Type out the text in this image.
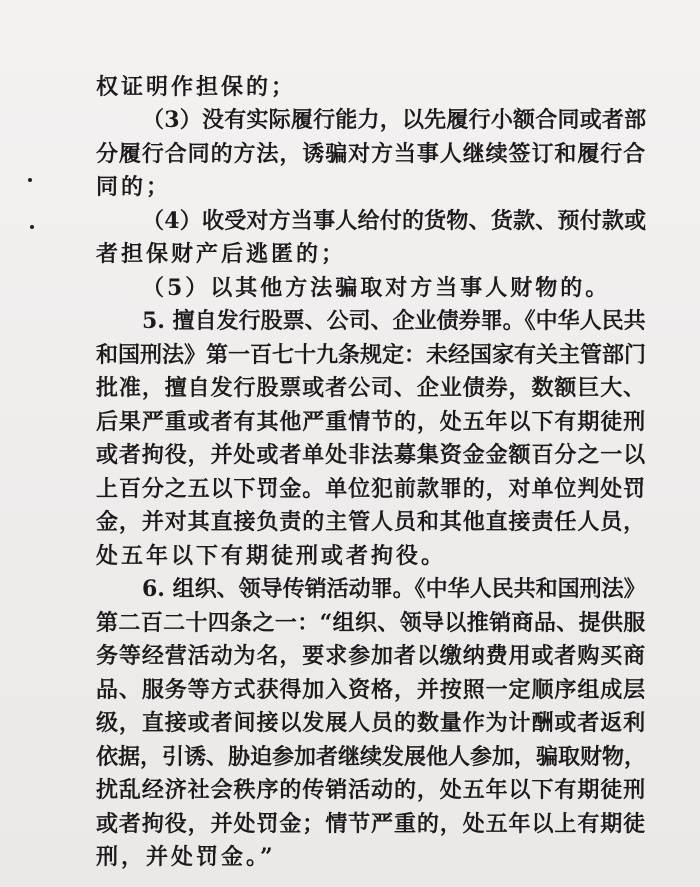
权证明作担保的；
（3）没有实际履行能力，以先履行小额合同或者部
分履行合同的方法，诱骗对方当事人继续签订和履行合
同的；
（4）收受对方当事人给付的货物、货款、预付款或
者担保财产后逃匿的；
（5）以其他方法骗取对方当事人财物的。
5. 擅自发行股票、公司、企业债券罪。《中华人民共
和国刑法》第一百七十九条规定：未经国家有关主管部门
批准，擅自发行股票或者公司、企业债券，数额巨大、
后果严重或者有其他严重情节的，处五年以下有期徒刑
或者拘役，并处或者单处非法募集资金金额百分之一以
上百分之五以下罚金。单位犯前款罪的，对单位判处罚
金，并对其直接负责的主管人员和其他直接责任人员，
处五年以下有期徒刑或者拘役。
6. 组织、领导传销活动罪。《中华人民共和国刑法》
第二百二十四条之一：“组织、领导以推销商品、提供服
务等经营活动为名，要求参加者以缴纳费用或者购买商
品、服务等方式获得加入资格，并按照一定顺序组成层
级，直接或者间接以发展人员的数量作为计酬或者返利
依据，引诱、胁迫参加者继续发展他人参加，骗取财物，
扰乱经济社会秩序的传销活动的，处五年以下有期徒刑
或者拘役，并处罚金；情节严重的，处五年以上有期徒
刑，并处罚金。”
